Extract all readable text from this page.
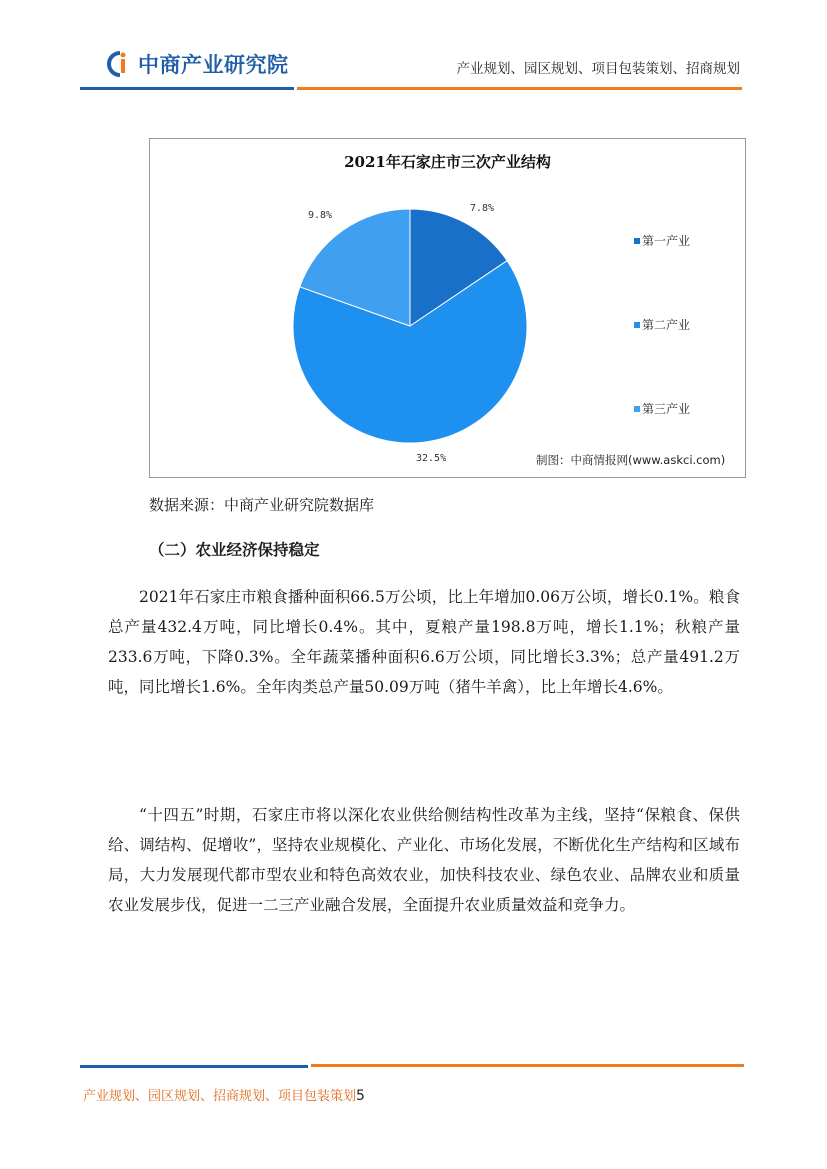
中商产业研究院	产业规划、园区规划、项目包装策划、招商规划
2021年石家庄市三次产业结构
7.8%
32.5%
9.8%
第一产业
第二产业
第三产业
制图：中商情报网(www.askci.com)
数据来源：中商产业研究院数据库
（二）农业经济保持稳定
2021年石家庄市粮食播种面积66.5万公顷，比上年增加0.06万公顷，增长0.1%。粮食总产量432.4万吨，同比增长0.4%。其中，夏粮产量198.8万吨，增长1.1%；秋粮产量233.6万吨，下降0.3%。全年蔬菜播种面积6.6万公顷，同比增长3.3%；总产量491.2万吨，同比增长1.6%。全年肉类总产量50.09万吨（猪牛羊禽），比上年增长4.6%。
“十四五”时期，石家庄市将以深化农业供给侧结构性改革为主线，坚持“保粮食、保供给、调结构、促增收”，坚持农业规模化、产业化、市场化发展，不断优化生产结构和区域布局，大力发展现代都市型农业和特色高效农业，加快科技农业、绿色农业、品牌农业和质量农业发展步伐，促进一二三产业融合发展，全面提升农业质量效益和竞争力。
产业规划、园区规划、招商规划、项目包装策划5
